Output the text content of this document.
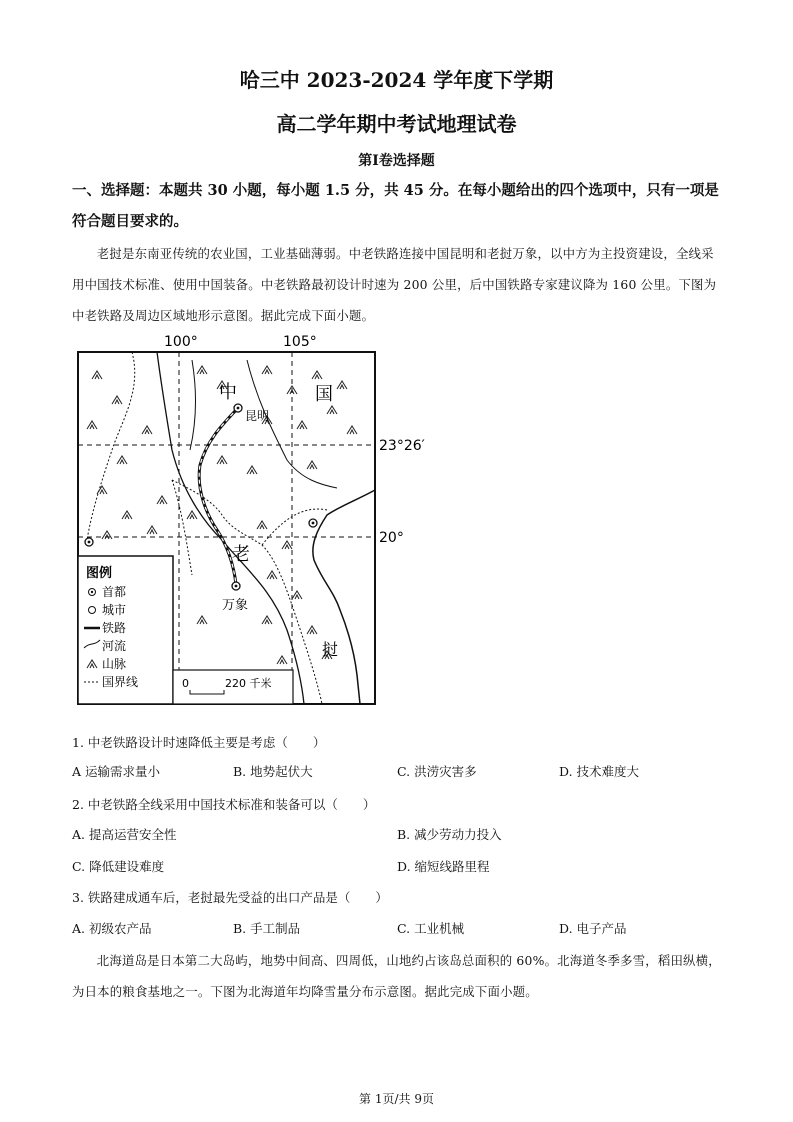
哈三中 2023-2024 学年度下学期
高二学年期中考试地理试卷
第Ⅰ卷选择题
一、选择题：本题共 30 小题，每小题 1.5 分，共 45 分。在每小题给出的四个选项中，只有一项是符合题目要求的。
老挝是东南亚传统的农业国，工业基础薄弱。中老铁路连接中国昆明和老挝万象，以中方为主投资建设，全线采用中国技术标准、使用中国装备。中老铁路最初设计时速为 200 公里，后中国铁路专家建议降为 160 公里。下图为中老铁路及周边区域地形示意图。据此完成下面小题。
100°	105°
23°26′
20°
中	国
昆明
老
万象
挝
图例
首都
城市
铁路
河流
山脉
国界线	0	220 千米
1. 中老铁路设计时速降低主要是考虑（　　）
A 运输需求量小	B. 地势起伏大	C. 洪涝灾害多	D. 技术难度大
2. 中老铁路全线采用中国技术标准和装备可以（　　）
A. 提高运营安全性	B. 减少劳动力投入
C. 降低建设难度	D. 缩短线路里程
3. 铁路建成通车后，老挝最先受益的出口产品是（　　）
A. 初级农产品	B. 手工制品	C. 工业机械	D. 电子产品
北海道岛是日本第二大岛屿，地势中间高、四周低，山地约占该岛总面积的 60%。北海道冬季多雪，稻田纵横，为日本的粮食基地之一。下图为北海道年均降雪量分布示意图。据此完成下面小题。
第 1页/共 9页
